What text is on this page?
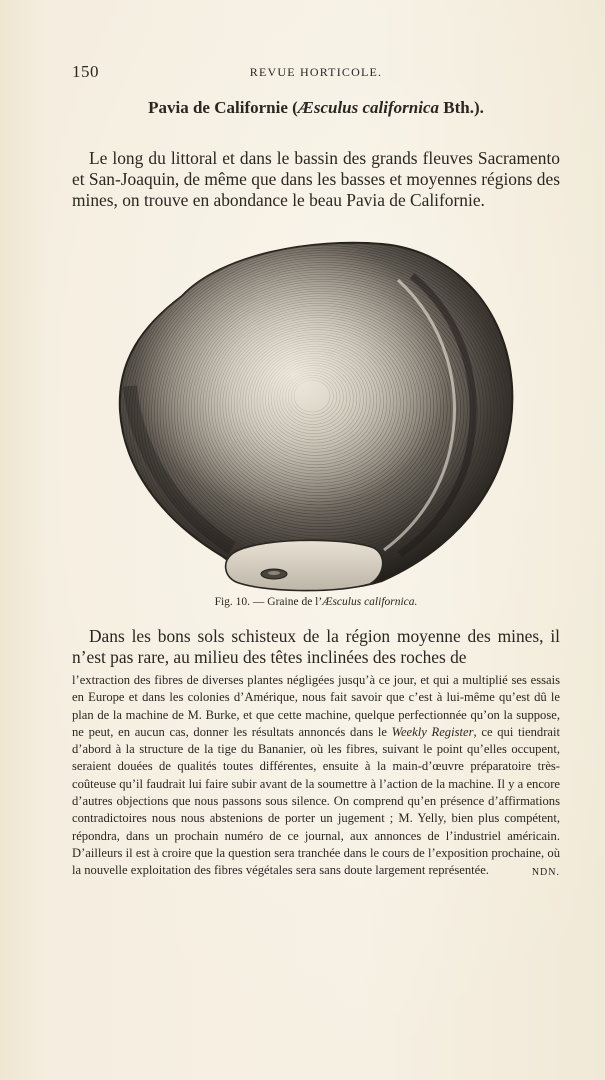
150	REVUE HORTICOLE.
Pavia de Californie (Æsculus californica Bth.).

Le long du littoral et dans le bassin des grands fleuves Sacramento et San-Joaquin, de même que dans les basses et moyennes régions des mines, on trouve en abondance le beau Pavia de Californie.

Fig. 10. — Graine de l’Æsculus californica.

Dans les bons sols schisteux de la région moyenne des mines, il n’est pas rare, au milieu des têtes inclinées des roches de

l’extraction des fibres de diverses plantes négligées jusqu’à ce jour, et qui a multiplié ses essais en Europe et dans les colonies d’Amérique, nous fait savoir que c’est à lui-même qu’est dû le plan de la machine de M. Burke, et que cette machine, quelque perfectionnée qu’on la suppose, ne peut, en aucun cas, donner les résultats annoncés dans le Weekly Register, ce qui tiendrait d’abord à la structure de la tige du Bananier, où les fibres, suivant le point qu’elles occupent, seraient douées de qualités toutes différentes, ensuite à la main-d’œuvre préparatoire très-coûteuse qu’il faudrait lui faire subir avant de la soumettre à l’action de la machine. Il y a encore d’autres objections que nous passons sous silence. On comprend qu’en présence d’affirmations contradictoires nous nous abstenions de porter un jugement ; M. Yelly, bien plus compétent, répondra, dans un prochain numéro de ce journal, aux annonces de l’industriel américain. D’ailleurs il est à croire que la question sera tranchée dans le cours de l’exposition prochaine, où la nouvelle exploitation des fibres végétales sera sans doute largement représentée.	NDN.
